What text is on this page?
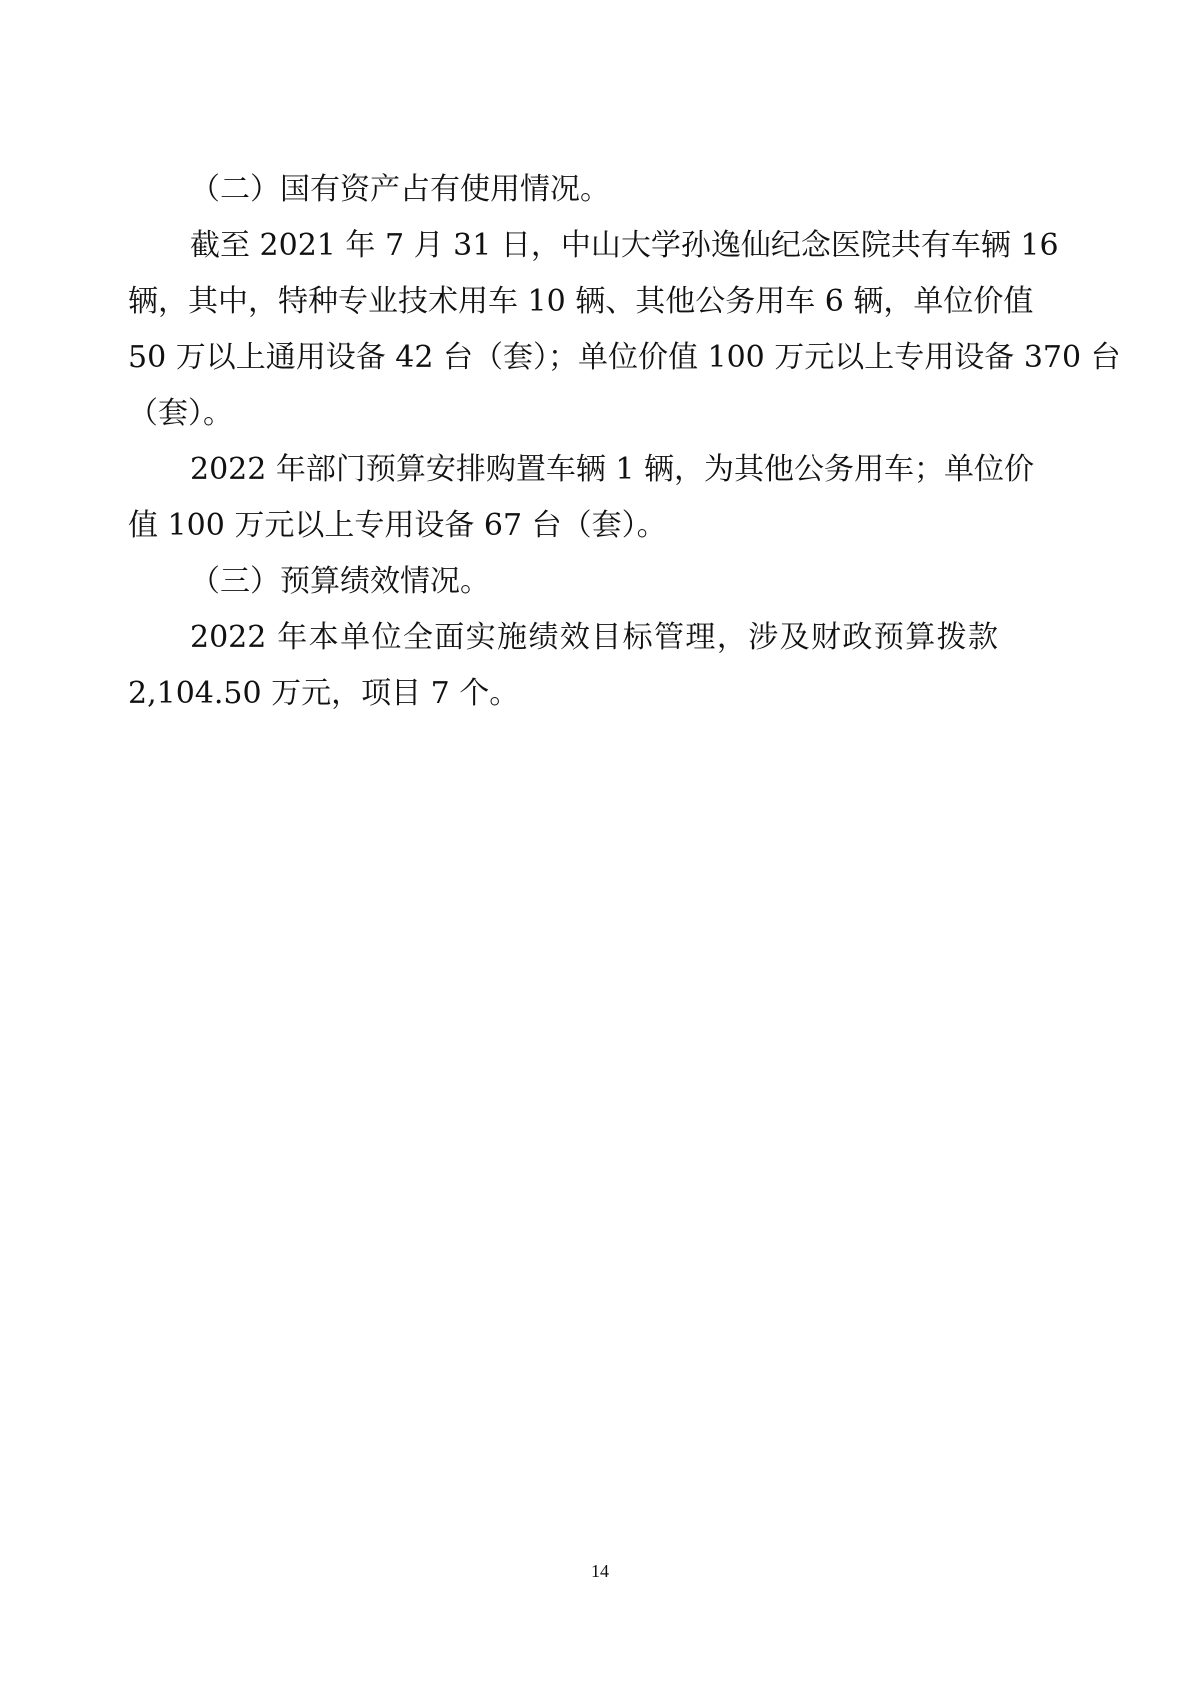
（二）国有资产占有使用情况。
截至 2021 年 7 月 31 日，中山大学孙逸仙纪念医院共有车辆 16
辆，其中，特种专业技术用车 10 辆、其他公务用车 6 辆，单位价值
50 万以上通用设备 42 台（套）；单位价值 100 万元以上专用设备 370 台
（套）。
2022 年部门预算安排购置车辆 1 辆，为其他公务用车；单位价
值 100 万元以上专用设备 67 台（套）。
（三）预算绩效情况。
2022 年本单位全面实施绩效目标管理，涉及财政预算拨款
2,104.50 万元，项目 7 个。
14
